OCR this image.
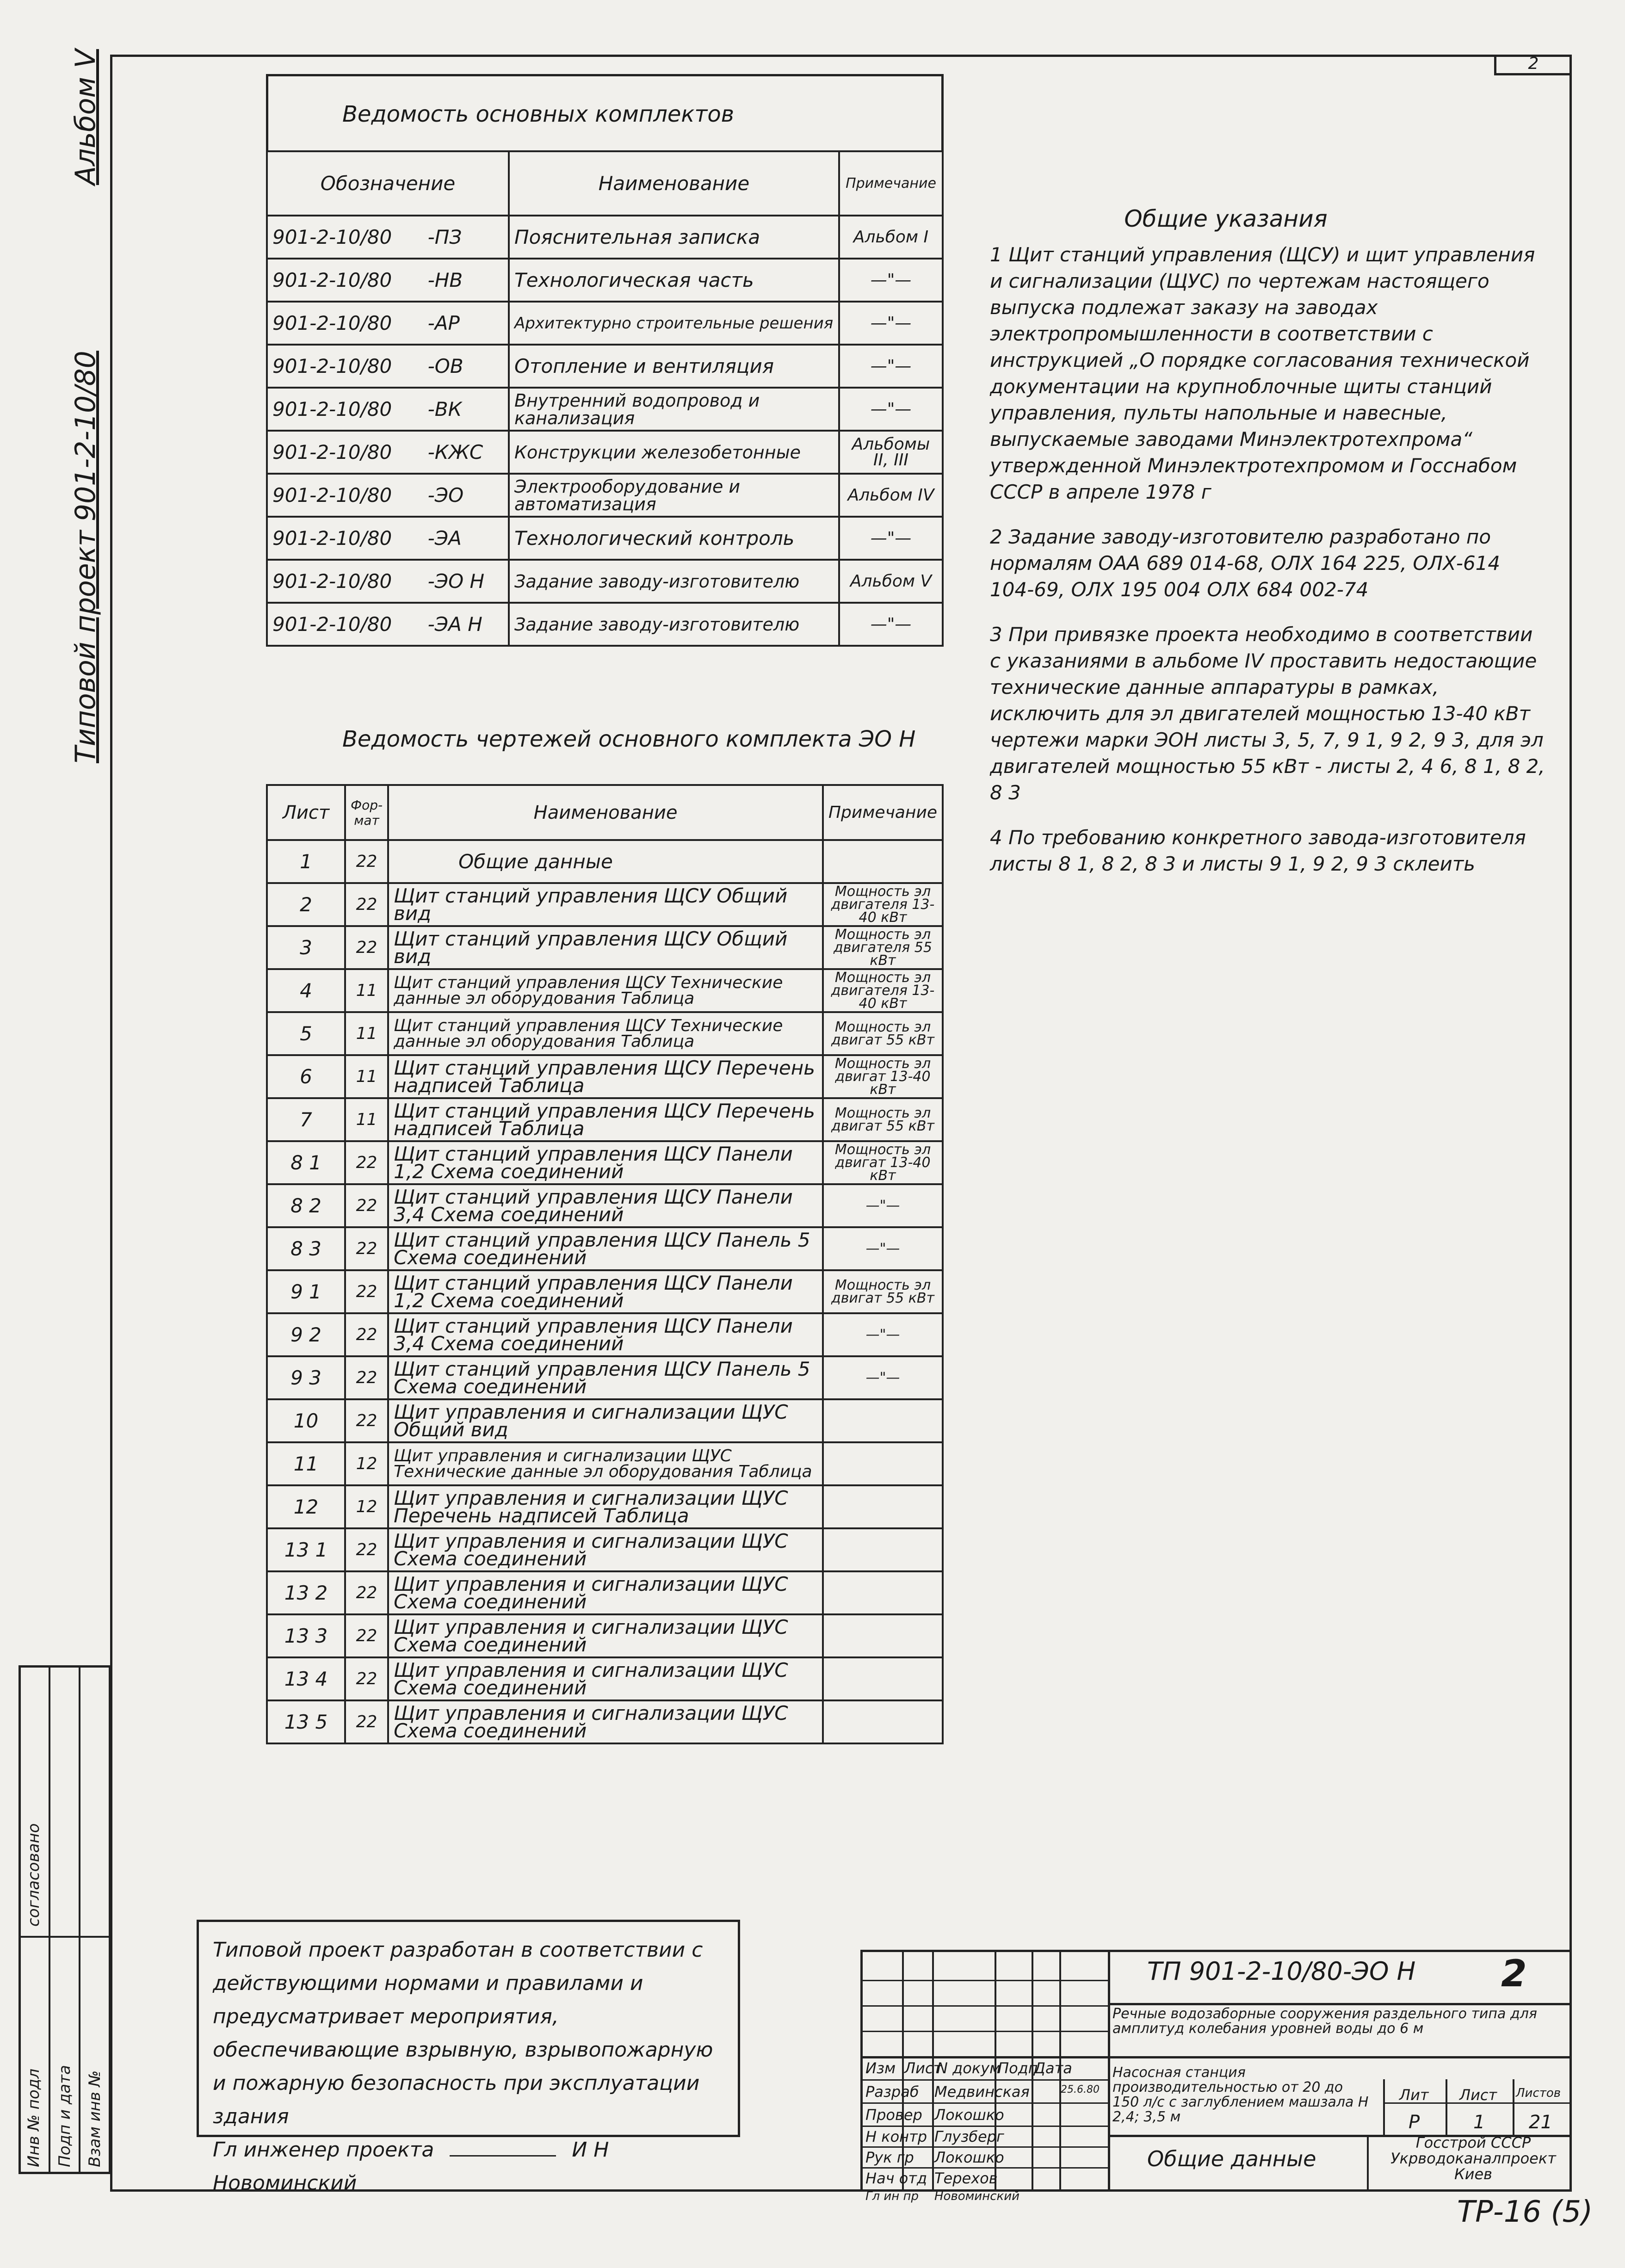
2
Альбом V
Типовой проект 901-2-10/80
согласовано
Инв № подл Подп и дата Взам инв №
Ведомость основных комплектов
Обозначение		Наименование	Примечание
901-2-10/80	-ПЗ	Пояснительная записка	Альбом I
901-2-10/80	-НВ	Технологическая часть	—"—
901-2-10/80	-АР	Архитектурно строительные решения	—"—
901-2-10/80	-ОВ	Отопление и вентиляция	—"—
901-2-10/80	-ВК	Внутренний водопровод и канализация	—"—
901-2-10/80	-КЖС	Конструкции железобетонные	Альбомы II, III
901-2-10/80	-ЭО	Электрооборудование и автоматизация	Альбом IV
901-2-10/80	-ЭА	Технологический контроль	—"—
901-2-10/80	-ЭО Н	Задание заводу-изготовителю	Альбом V
901-2-10/80	-ЭА Н	Задание заводу-изготовителю	—"—
Ведомость чертежей основного комплекта ЭО Н
Лист	Фор-мат	Наименование	Примечание
1	22	Общие данные	
2	22	Щит станций управления ЩСУ Общий вид	Мощность эл двигателя 13-40 кВт
3	22	Щит станций управления ЩСУ Общий вид	Мощность эл двигателя 55 кВт
4	11	Щит станций управления ЩСУ Технические данные эл оборудования Таблица	Мощность эл двигателя 13-40 кВт
5	11	Щит станций управления ЩСУ Технические данные эл оборудования Таблица	Мощность эл двигат 55 кВт
6	11	Щит станций управления ЩСУ Перечень надписей Таблица	Мощность эл двигат 13-40 кВт
7	11	Щит станций управления ЩСУ Перечень надписей Таблица	Мощность эл двигат 55 кВт
8 1	22	Щит станций управления ЩСУ Панели 1,2 Схема соединений	Мощность эл двигат 13-40 кВт
8 2	22	Щит станций управления ЩСУ Панели 3,4 Схема соединений	—"—
8 3	22	Щит станций управления ЩСУ Панель 5 Схема соединений	—"—
9 1	22	Щит станций управления ЩСУ Панели 1,2 Схема соединений	Мощность эл двигат 55 кВт
9 2	22	Щит станций управления ЩСУ Панели 3,4 Схема соединений	—"—
9 3	22	Щит станций управления ЩСУ Панель 5 Схема соединений	—"—
10	22	Щит управления и сигнализации ЩУС Общий вид	
11	12	Щит управления и сигнализации ЩУС Технические данные эл оборудования Таблица	
12	12	Щит управления и сигнализации ЩУС Перечень надписей Таблица	
13 1	22	Щит управления и сигнализации ЩУС Схема соединений	
13 2	22	Щит управления и сигнализации ЩУС Схема соединений	
13 3	22	Щит управления и сигнализации ЩУС Схема соединений	
13 4	22	Щит управления и сигнализации ЩУС Схема соединений	
13 5	22	Щит управления и сигнализации ЩУС Схема соединений	
Общие указания

1 Щит станций управления (ЩСУ) и щит управления и сигнализации (ЩУС) по чертежам настоящего выпуска подлежат заказу на заводах электропромышленности в соответствии с инструкцией „О порядке согласования технической документации на крупноблочные щиты станций управления, пульты напольные и навесные, выпускаемые заводами Минэлектротехпрома“ утвержденной Минэлектротехпромом и Госснабом СССР в апреле 1978 г

2 Задание заводу-изготовителю разработано по нормалям ОАА 689 014-68, ОЛХ 164 225, ОЛХ-614 104-69, ОЛХ 195 004 ОЛХ 684 002-74

3 При привязке проекта необходимо в соответствии с указаниями в альбоме IV проставить недостающие технические данные аппаратуры в рамках, исключить для эл двигателей мощностью 13-40 кВт чертежи марки ЭОН листы 3, 5, 7, 9 1, 9 2, 9 3, для эл двигателей мощностью 55 кВт - листы 2, 4 6, 8 1, 8 2, 8 3

4 По требованию конкретного завода-изготовителя листы 8 1, 8 2, 8 3 и листы 9 1, 9 2, 9 3 склеить

Типовой проект разработан в соответствии с действующими нормами и правилами и предусматривает мероприятия, обеспечивающие взрывную, взрывопожарную и пожарную безопасность при эксплуатации здания
Гл инженер проекта	И Н Новоминский
ТП 901-2-10/80-ЭО Н 2
Речные водозаборные сооружения раздельного типа для амплитуд колебания уровней воды до 6 м
Насосная станция производительностью от 20 до 150 л/с с заглублением машзала Н 2,4; 3,5 м
Изм Лист
N докум
Подп
Дата
25.6.80
Разраб Медвинская
Провер Локошко
Н контр Глузберг
Рук гр Локошко
Нач отд Терехов
Гл ин пр Новоминский
Лит Лист Листов
Р	1 21
Общие данные
Госстрой СССР Укрводоканалпроект Киев
ТР-16 (5)
